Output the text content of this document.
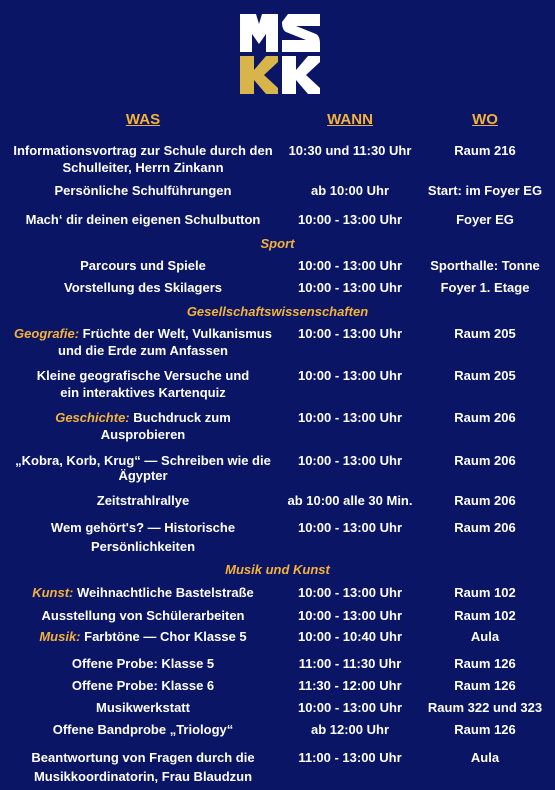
WAS	WANN	WO
Informationsvortrag zur Schule durch den
Schulleiter, Herrn Zinkann
10:30 und 11:30 Uhr	Raum 216
Persönliche Schulführungen	ab 10:00 Uhr	Start: im Foyer EG
Mach‘ dir deinen eigenen Schulbutton	10:00 - 13:00 Uhr	Foyer EG
Sport
Parcours und Spiele	10:00 - 13:00 Uhr	Sporthalle: Tonne
Vorstellung des Skilagers	10:00 - 13:00 Uhr	Foyer 1. Etage
Gesellschaftswissenschaften
Geografie: Früchte der Welt, Vulkanismus
und die Erde zum Anfassen
10:00 - 13:00 Uhr	Raum 205
Kleine geografische Versuche und
ein interaktives Kartenquiz
10:00 - 13:00 Uhr	Raum 205
Geschichte: Buchdruck zum
Ausprobieren
10:00 - 13:00 Uhr	Raum 206
„Kobra, Korb, Krug“ — Schreiben wie die
Ägypter
10:00 - 13:00 Uhr	Raum 206
Zeitstrahlrallye	ab 10:00 alle 30 Min.	Raum 206
Wem gehört's? — Historische
Persönlichkeiten
10:00 - 13:00 Uhr	Raum 206
Musik und Kunst
Kunst: Weihnachtliche Bastelstraße	10:00 - 13:00 Uhr	Raum 102
Ausstellung von Schülerarbeiten	10:00 - 13:00 Uhr	Raum 102
Musik: Farbtöne — Chor Klasse 5	10:00 - 10:40 Uhr	Aula
Offene Probe: Klasse 5	11:00 - 11:30 Uhr	Raum 126
Offene Probe: Klasse 6	11:30 - 12:00 Uhr	Raum 126
Musikwerkstatt	10:00 - 13:00 Uhr	Raum 322 und 323
Offene Bandprobe „Triology“	ab 12:00 Uhr	Raum 126
Beantwortung von Fragen durch die
Musikkoordinatorin, Frau Blaudzun
11:00 - 13:00 Uhr	Aula
